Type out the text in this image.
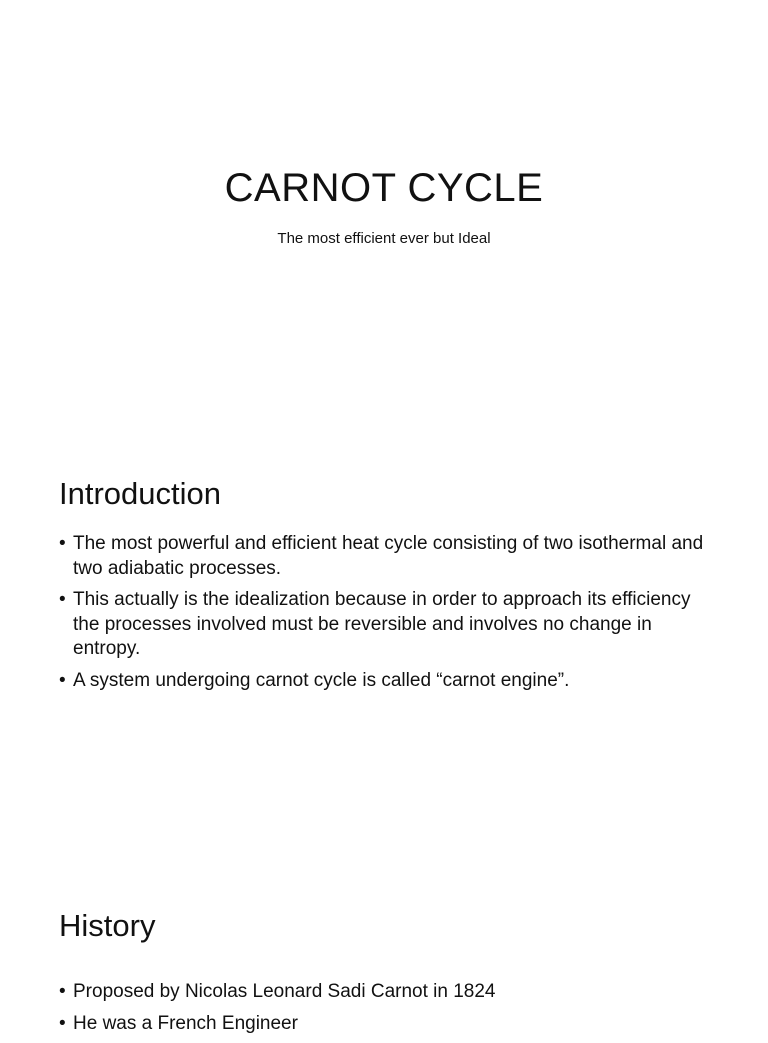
CARNOT CYCLE

The most efficient ever but Ideal

Introduction
• The most powerful and efficient heat cycle consisting of two isothermal and two adiabatic processes.
• This actually is the idealization because in order to approach its efficiency the processes involved must be reversible and involves no change in entropy.
• A system undergoing carnot cycle is called “carnot engine”.
History
• Proposed by Nicolas Leonard Sadi Carnot in 1824
• He was a French Engineer
